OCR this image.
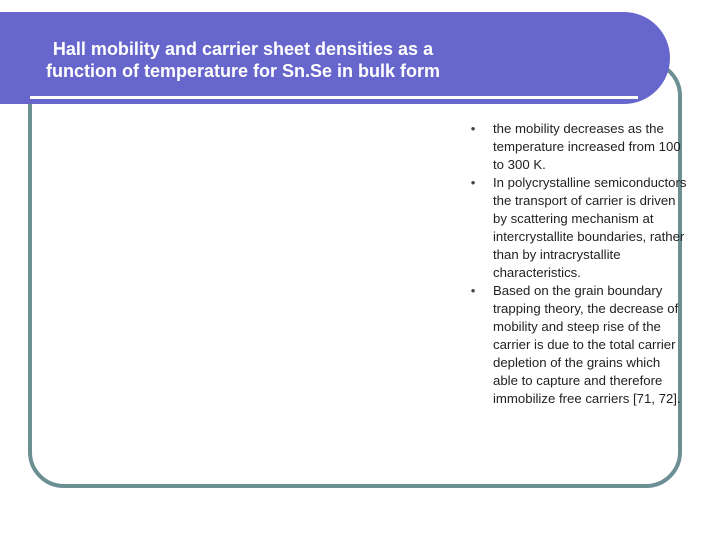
Hall mobility and carrier sheet densities as a
function of temperature for Sn.Se in bulk form
• the mobility decreases as the temperature increased from 100 to 300 K.
• In polycrystalline semiconductors the transport of carrier is driven by scattering mechanism at intercrystallite boundaries, rather than by intracrystallite characteristics.
• Based on the grain boundary trapping theory, the decrease of mobility and steep rise of the carrier is due to the total carrier depletion of the grains which able to capture and therefore immobilize free carriers [71, 72].
